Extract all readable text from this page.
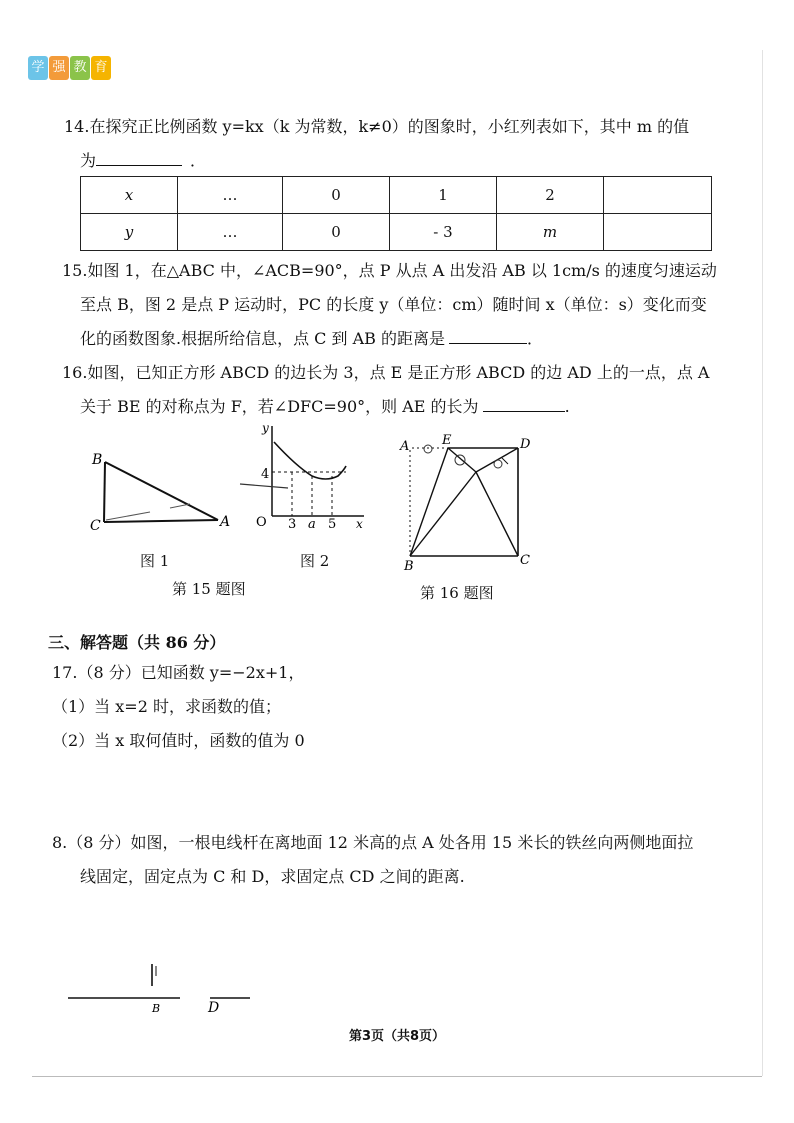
学 强 教 育
14.在探究正比例函数 y=kx（k 为常数，k≠0）的图象时，小红列表如下，其中 m 的值
为	．
x	…	0	1	2	
y	…	0	- 3	m	
15.如图 1，在△ABC 中，∠ACB=90°，点 P 从点 A 出发沿 AB 以 1cm/s 的速度匀速运动
至点 B，图 2 是点 P 运动时，PC 的长度 y（单位：cm）随时间 x（单位：s）变化而变
化的函数图象.根据所给信息，点 C 到 AB 的距离是	．
16.如图，已知正方形 ABCD 的边长为 3，点 E 是正方形 ABCD 的边 AD 上的一点，点 A
关于 BE 的对称点为 F，若∠DFC=90°，则 AE 的长为	.
B
C	A
图 1
y
4
O 3 a 5 x
图 2
第 15 题图
A	E	D
B	C
第 16 题图
三、解答题（共 86 分）
17.（8 分）已知函数 y=−2x+1，
（1）当 x=2 时，求函数的值；
（2）当 x 取何值时，函数的值为 0
8.（8 分）如图，一根电线杆在离地面 12 米高的点 A 处各用 15 米长的铁丝向两侧地面拉
线固定，固定点为 C 和 D，求固定点 CD 之间的距离.
B	D
第3页（共8页）
